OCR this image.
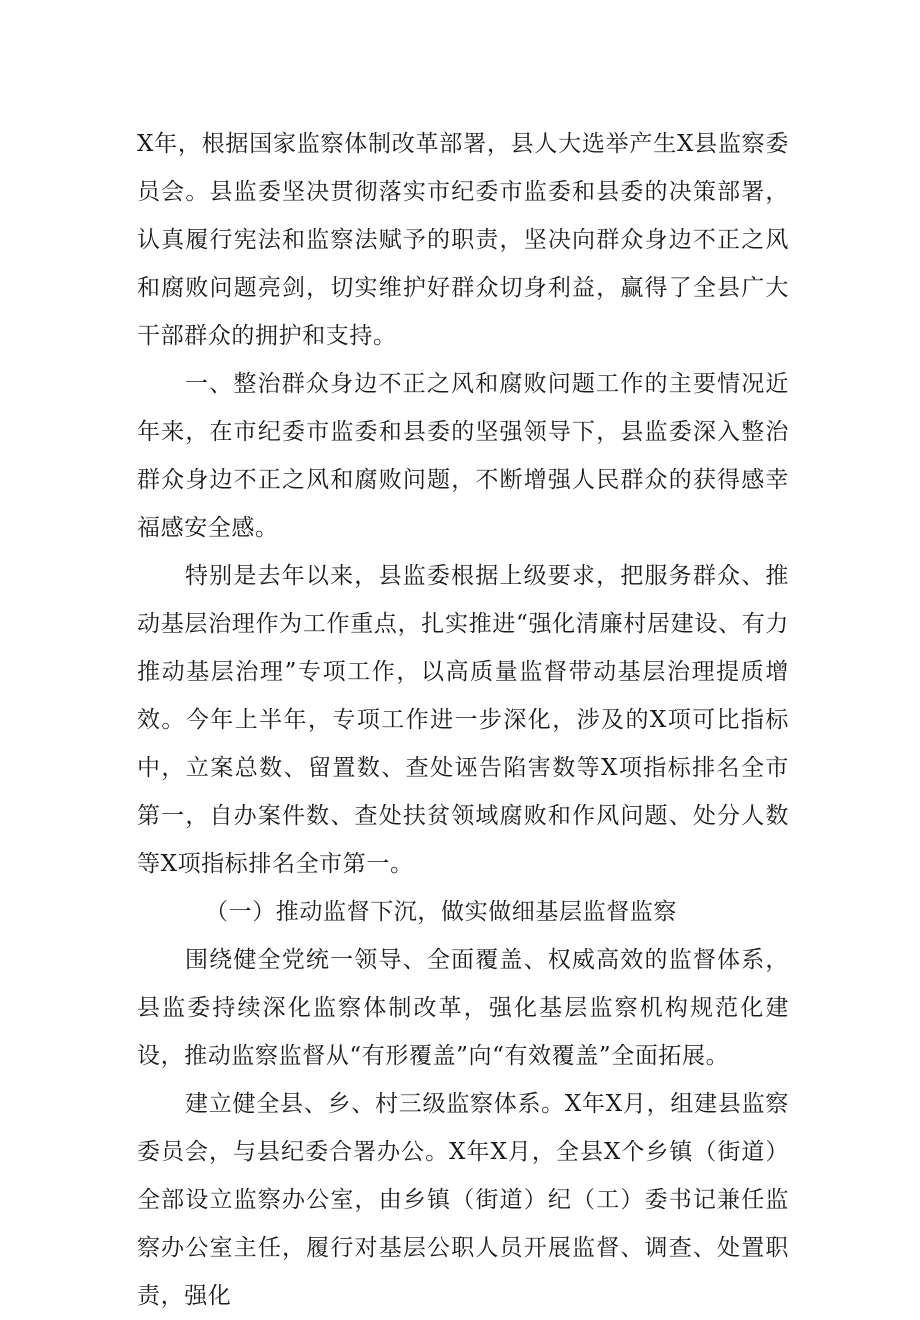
X年，根据国家监察体制改革部署，县人大选举产生X县监察委员会。县监委坚决贯彻落实市纪委市监委和县委的决策部署，认真履行宪法和监察法赋予的职责，坚决向群众身边不正之风和腐败问题亮剑，切实维护好群众切身利益，赢得了全县广大干部群众的拥护和支持。

一、整治群众身边不正之风和腐败问题工作的主要情况近年来，在市纪委市监委和县委的坚强领导下，县监委深入整治群众身边不正之风和腐败问题，不断增强人民群众的获得感幸福感安全感。

特别是去年以来，县监委根据上级要求，把服务群众、推动基层治理作为工作重点，扎实推进“强化清廉村居建设、有力推动基层治理”专项工作，以高质量监督带动基层治理提质增效。今年上半年，专项工作进一步深化，涉及的X项可比指标中，立案总数、留置数、查处诬告陷害数等X项指标排名全市第一，自办案件数、查处扶贫领域腐败和作风问题、处分人数等X项指标排名全市第一。

（一）推动监督下沉，做实做细基层监督监察

围绕健全党统一领导、全面覆盖、权威高效的监督体系，县监委持续深化监察体制改革，强化基层监察机构规范化建设，推动监察监督从“有形覆盖”向“有效覆盖”全面拓展。

建立健全县、乡、村三级监察体系。X年X月，组建县监察委员会，与县纪委合署办公。X年X月，全县X个乡镇（街道）全部设立监察办公室，由乡镇（街道）纪（工）委书记兼任监察办公室主任，履行对基层公职人员开展监督、调查、处置职责，强化
